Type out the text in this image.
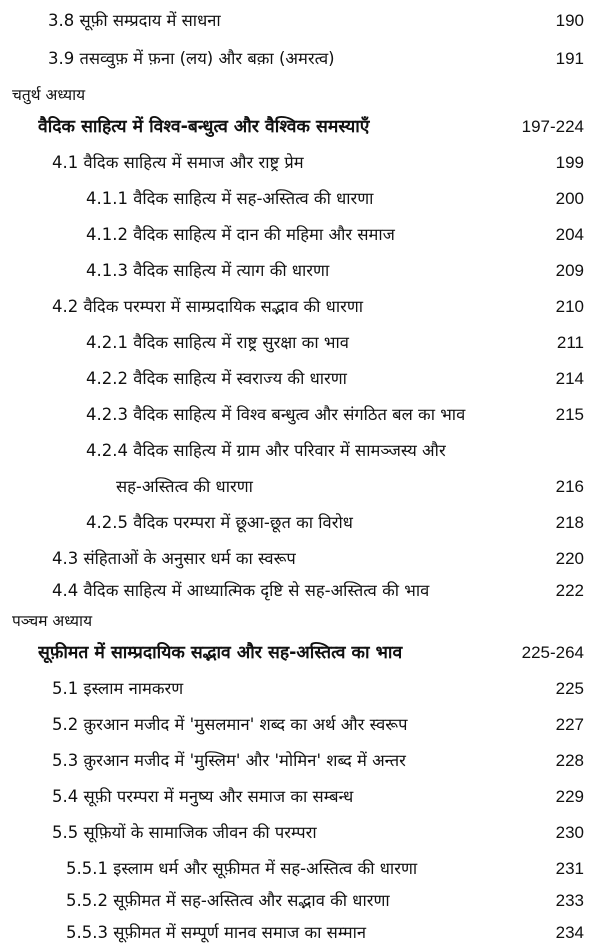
3.8 सूफ़ी सम्प्रदाय में साधना	190
3.9 तसव्वुफ़ में फ़ना (लय) और बक़ा (अमरत्व)	191
चतुर्थ अध्याय
वैदिक साहित्य में विश्व-बन्धुत्व और वैश्विक समस्याएँ	197-224
4.1 वैदिक साहित्य में समाज और राष्ट्र प्रेम	199
4.1.1 वैदिक साहित्य में सह-अस्तित्व की धारणा	200
4.1.2 वैदिक साहित्य में दान की महिमा और समाज	204
4.1.3 वैदिक साहित्य में त्याग की धारणा	209
4.2 वैदिक परम्परा में साम्प्रदायिक सद्भाव की धारणा	210
4.2.1 वैदिक साहित्य में राष्ट्र सुरक्षा का भाव	211
4.2.2 वैदिक साहित्य में स्वराज्य की धारणा	214
4.2.3 वैदिक साहित्य में विश्व बन्धुत्व और संगठित बल का भाव	215
4.2.4 वैदिक साहित्य में ग्राम और परिवार में सामञ्जस्य और
सह-अस्तित्व की धारणा	216
4.2.5 वैदिक परम्परा में छूआ-छूत का विरोध	218
4.3 संहिताओं के अनुसार धर्म का स्वरूप	220
4.4 वैदिक साहित्य में आध्यात्मिक दृष्टि से सह-अस्तित्व की भाव	222
पञ्चम अध्याय
सूफ़ीमत में साम्प्रदायिक सद्भाव और सह-अस्तित्व का भाव	225-264
5.1 इस्लाम नामकरण	225
5.2 क़ुरआन मजीद में 'मुसलमान' शब्द का अर्थ और स्वरूप	227
5.3 क़ुरआन मजीद में 'मुस्लिम' और 'मोमिन' शब्द में अन्तर	228
5.4 सूफ़ी परम्परा में मनुष्य और समाज का सम्बन्ध	229
5.5 सूफ़ियों के सामाजिक जीवन की परम्परा	230
5.5.1 इस्लाम धर्म और सूफ़ीमत में सह-अस्तित्व की धारणा	231
5.5.2 सूफ़ीमत में सह-अस्तित्व और सद्भाव की धारणा	233
5.5.3 सूफ़ीमत में सम्पूर्ण मानव समाज का सम्मान	234
